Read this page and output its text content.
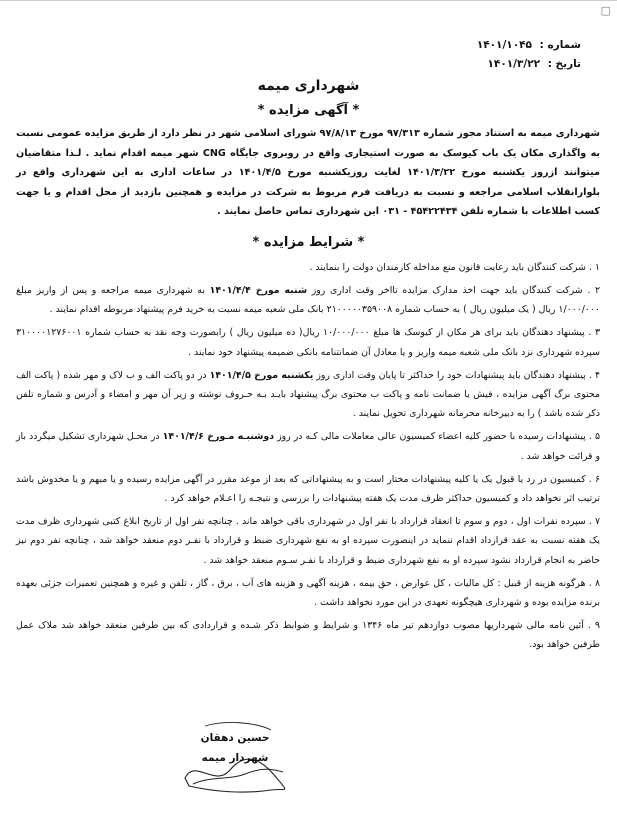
▢
شماره : ۱۴۰۱/۱۰۴۵
تاریخ : ۱۴۰۱/۳/۲۲
شهرداری میمه
* آگهی مزایده *
شهرداری میمه به استناد مجوز شماره ۹۷/۳۱۳ مورخ ۹۷/۸/۱۳ شورای اسلامی شهر در نظر دارد از طریق مزایده عمومی نسبت به واگذاری مکان یک باب کیوسک به صورت استیجاری واقع در روبروی جایگاه CNG شهر میمه اقدام نماید . لـذا متقاضیان میتوانند ازروز یکشنبه مورخ ۱۴۰۱/۳/۲۲ لغایت روزیکشنبه مورخ ۱۴۰۱/۴/۵ در ساعات اداری به این شهرداری واقع در بلوارانقلاب اسلامی مراجعه و نسبت به دریافت فرم مربوط به شرکت در مزایده و همچنین بازدید از محل اقدام و یا جهت کسب اطلاعات با شماره تلفن ۴۵۴۲۲۴۳۴ - ۰۳۱ این شهرداری تماس حاصل نمایند .
* شرایط مزایده *

۱ . شرکت کنندگان باید رعایت قانون منع مداخله کارمندان دولت را بنمایند .

۲ . شرکت کنندگان باید جهت اخذ مدارک مزایده تااخر وقت اداری روز شنبه مورخ ۱۴۰۱/۴/۴ به شهرداری میمه مراجعه و پس از واریز مبلغ ۱/۰۰۰/۰۰۰ ریال ( یک میلیون ریال ) به حساب شماره ۲۱۰۰۰۰۰۳۵۹۰۰۸ بانک ملی شعبه میمه نسبت به خرید فرم پیشنهاد مربوطه اقدام نمایند .

۳ . پیشنهاد دهندگان باید برای هر مکان از کیوسک ها مبلغ ۱۰/۰۰۰/۰۰۰ ریال( ده میلیون ریال ) رابصورت وجه نقد به حساب شماره ۳۱۰۰۰۰۱۲۷۶۰۰۱ سپرده شهرداری نزد بانک ملی شعبه میمه واریز و یا معادل آن ضمانتنامه بانکی ضمیمه پیشنهاد خود نمایند .

۴ . پیشنهاد دهندگان باید پیشنهادات خود را حداکثر تا پایان وقت اداری روز یکشنبه مورخ ۱۴۰۱/۴/۵ در دو پاکت الف و ب لاک و مهر شده ( پاکت الف محتوی برگ آگهی مزایده ، فیش یا ضمانت نامه و پاکت ب محتوی برگ پیشنهاد بایـد بـه حـروف نوشته و زیر آن مهر و امضاء و آدرس و شماره تلفن ذکر شده باشد ) را به دبیرخانه محرمانه شهرداری تحویل نمایند .

۵ . پیشنهادات رسیده با حضور کلیه اعضاء کمیسیون عالی معاملات مالی کـه در روز دوشنبـه مـورخ ۱۴۰۱/۴/۶ در محـل شهرداری تشکیل میگردد باز و قرائت خواهد شد .

۶ . کمیسیون در رد یا قبول یک یا کلیه پیشنهادات مختار است و به پیشنهاداتی که بعد از موعد مقرر در آگهی مزایده رسیده و یا مبهم و یا مخدوش باشد ترتیب اثر نخواهد داد و کمیسیون حداکثر ظرف مدت یک هفته پیشنهادات را بررسی و نتیجـه را اعـلام خواهد کرد .

۷ . سپرده نفرات اول ، دوم و سوم تا انعقاد قرارداد با نفر اول در شهرداری باقی خواهد ماند . چنانچه نفر اول از تاریخ ابلاغ کتبی شهرداری ظرف مدت یک هفته نسبت به عقد قرارداد اقدام ننماید در اینصورت سپرده او به نفع شهرداری ضبط و قرارداد با نفـر دوم منعقد خواهد شد ، چنانچه نفر دوم نیز حاضر به انجام قرارداد نشود سپرده او به نفع شهرداری ضبط و قرارداد با نفـر سـوم منعقد خواهد شد .

۸ . هرگونه هزینه از قبیل : کل مالیات ، کل عوارض ، حق بیمه ، هزینه آگهی و هزینه های آب ، برق ، گاز ، تلفن و غیره و همچنین تعمیرات جزئی بعهده برنده مزایده بوده و شهرداری هیچگونه تعهدی در این مورد نخواهد داشت .

۹ . آئین نامه مالی شهرداریها مصوب دوازدهم تیر ماه ۱۳۴۶ و شرایط و ضوابط ذکر شـده و قراردادی که بین طرفین منعقد خواهد شد ملاک عمل طرفین خواهد بود.

حسین دهقان
شهردار میمه
